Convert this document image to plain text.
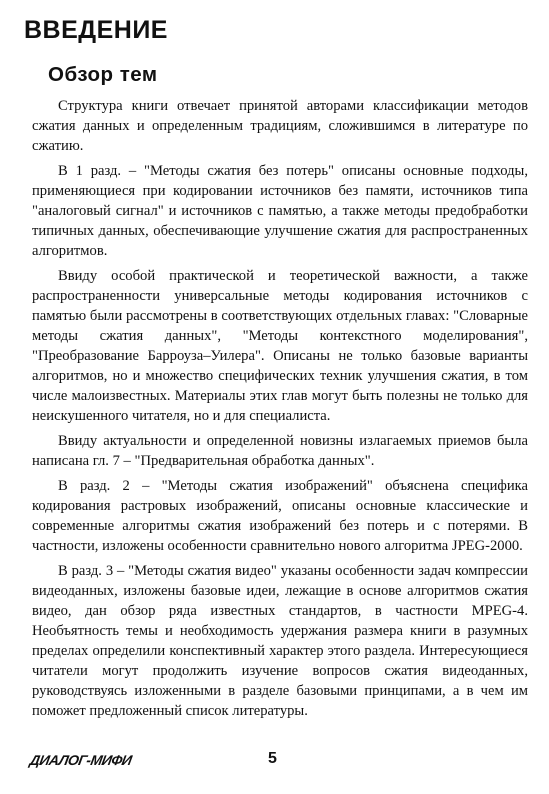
ВВЕДЕНИЕ
Обзор тем

Структура книги отвечает принятой авторами классификации методов сжатия данных и определенным традициям, сложившимся в литературе по сжатию.

В 1 разд. – "Методы сжатия без потерь" описаны основные подходы, применяющиеся при кодировании источников без памяти, источников типа "аналоговый сигнал" и источников с памятью, а также методы предобработки типичных данных, обеспечивающие улучшение сжатия для распространенных алгоритмов.

Ввиду особой практической и теоретической важности, а также распространенности универсальные методы кодирования источников с памятью были рассмотрены в соответствующих отдельных главах: "Словарные методы сжатия данных", "Методы контекстного моделирования", "Преобразование Барроуза–Уилера". Описаны не только базовые варианты алгоритмов, но и множество специфических техник улучшения сжатия, в том числе малоизвестных. Материалы этих глав могут быть полезны не только для неискушенного читателя, но и для специалиста.

Ввиду актуальности и определенной новизны излагаемых приемов была написана гл. 7 – "Предварительная обработка данных".

В разд. 2 – "Методы сжатия изображений" объяснена специфика кодирования растровых изображений, описаны основные классические и современные алгоритмы сжатия изображений без потерь и с потерями. В частности, изложены особенности сравнительно нового алгоритма JPEG-2000.

В разд. 3 – "Методы сжатия видео" указаны особенности задач компрессии видеоданных, изложены базовые идеи, лежащие в основе алгоритмов сжатия видео, дан обзор ряда известных стандартов, в частности MPEG-4. Необъятность темы и необходимость удержания размера книги в разумных пределах определили конспективный характер этого раздела. Интересующиеся читатели могут продолжить изучение вопросов сжатия видеоданных, руководствуясь изложенными в разделе базовыми принципами, а в чем им поможет предложенный список литературы.

ДИАЛОГ-МИФИ	5
